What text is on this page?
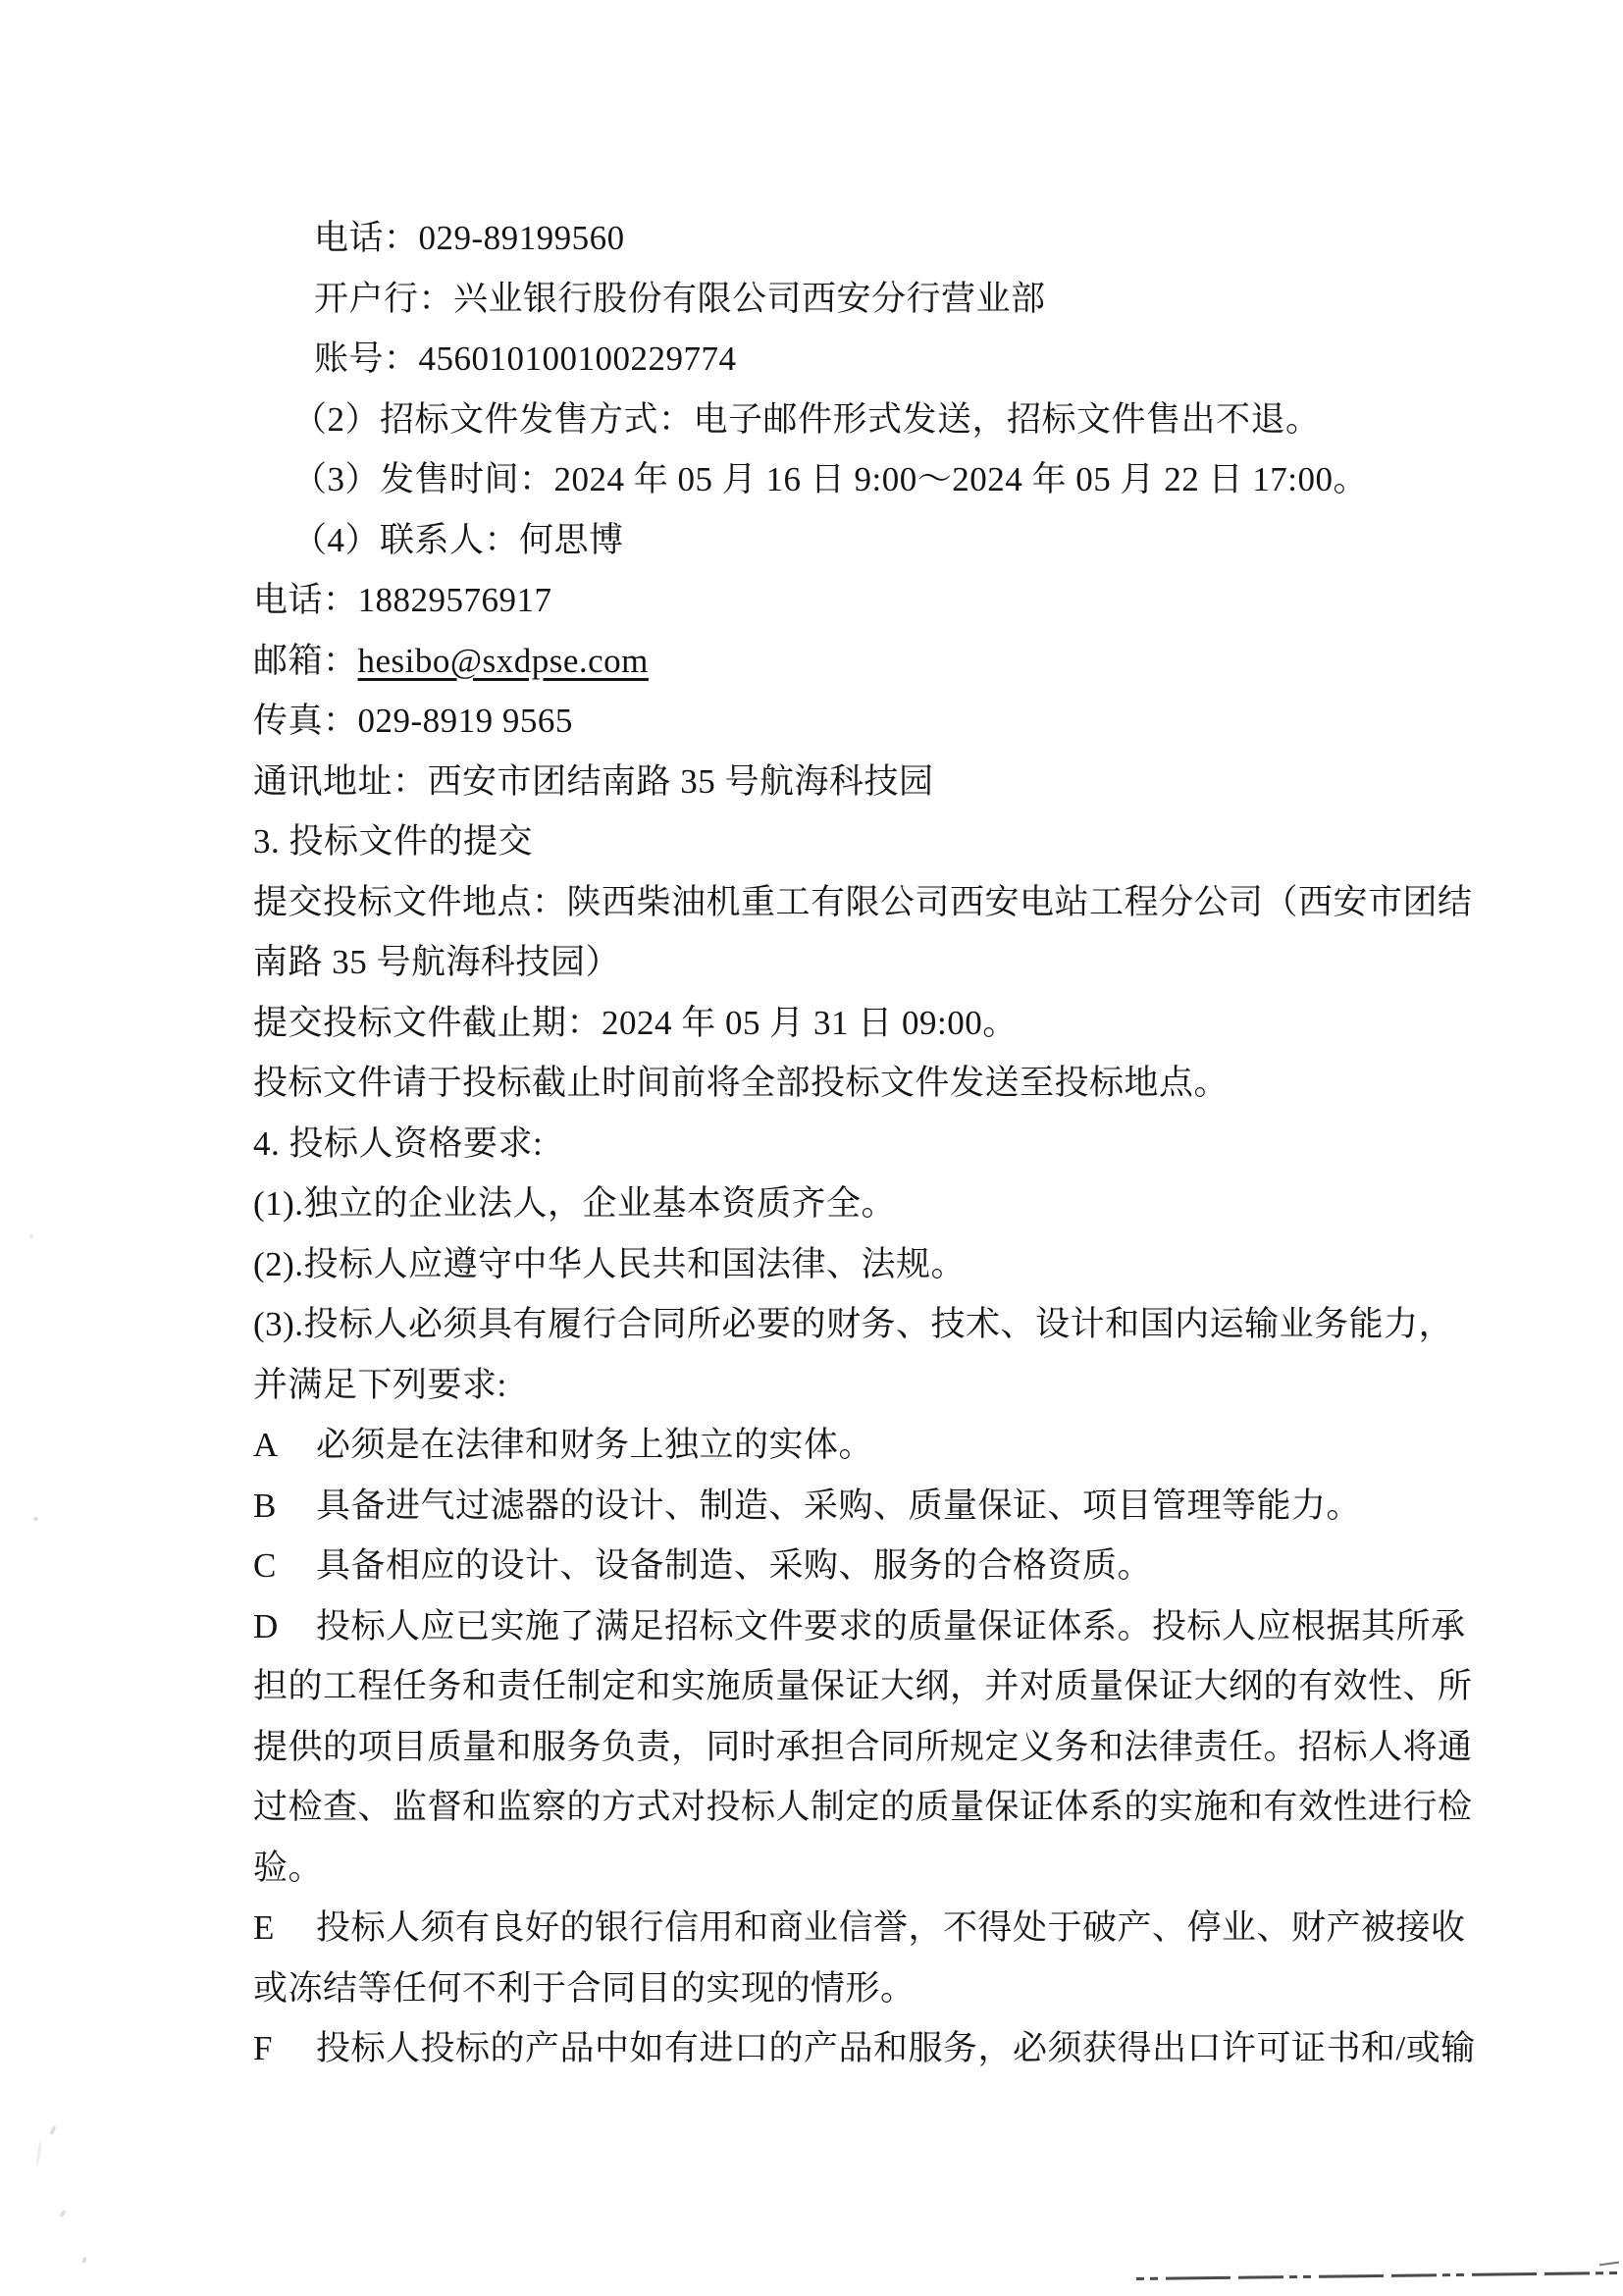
电话：029-89199560
开户行：兴业银行股份有限公司西安分行营业部
账号：456010100100229774
（2）招标文件发售方式：电子邮件形式发送，招标文件售出不退。
（3）发售时间：2024 年 05 月 16 日 9:00～2024 年 05 月 22 日 17:00。
（4）联系人：何思博
电话：18829576917
邮箱：hesibo@sxdpse.com
传真：029-8919 9565
通讯地址：西安市团结南路 35 号航海科技园
3. 投标文件的提交
提交投标文件地点：陕西柴油机重工有限公司西安电站工程分公司（西安市团结
南路 35 号航海科技园）
提交投标文件截止期：2024 年 05 月 31 日 09:00。
投标文件请于投标截止时间前将全部投标文件发送至投标地点。
4. 投标人资格要求:
(1).独立的企业法人，企业基本资质齐全。
(2).投标人应遵守中华人民共和国法律、法规。
(3).投标人必须具有履行合同所必要的财务、技术、设计和国内运输业务能力，
并满足下列要求:
A 必须是在法律和财务上独立的实体。
B 具备进气过滤器的设计、制造、采购、质量保证、项目管理等能力。
C 具备相应的设计、设备制造、采购、服务的合格资质。
D 投标人应已实施了满足招标文件要求的质量保证体系。投标人应根据其所承
担的工程任务和责任制定和实施质量保证大纲，并对质量保证大纲的有效性、所
提供的项目质量和服务负责，同时承担合同所规定义务和法律责任。招标人将通
过检查、监督和监察的方式对投标人制定的质量保证体系的实施和有效性进行检
验。
E 投标人须有良好的银行信用和商业信誉，不得处于破产、停业、财产被接收
或冻结等任何不利于合同目的实现的情形。
F 投标人投标的产品中如有进口的产品和服务，必须获得出口许可证书和/或输
